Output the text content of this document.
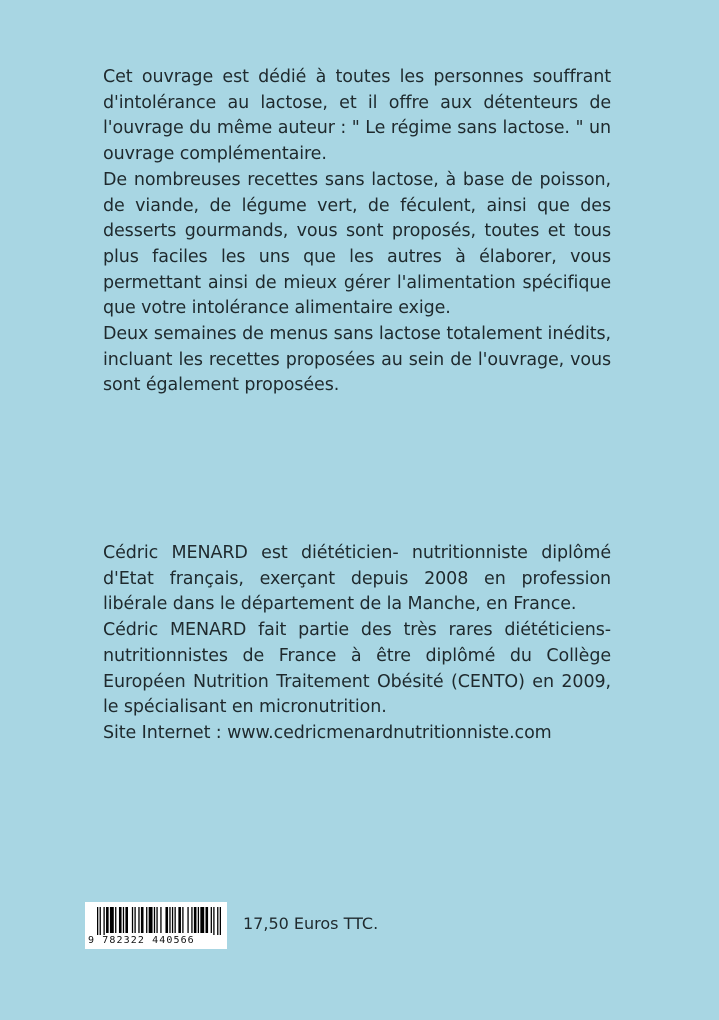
Cet ouvrage est dédié à toutes les personnes souffrant d'intolérance au lactose, et il offre aux détenteurs de l'ouvrage du même auteur : " Le régime sans lactose. " un ouvrage complémentaire.

De nombreuses recettes sans lactose, à base de poisson, de viande, de légume vert, de féculent, ainsi que des desserts gourmands, vous sont proposés, toutes et tous plus faciles les uns que les autres à élaborer, vous permettant ainsi de mieux gérer l'alimentation spécifique que votre intolérance alimentaire exige.

Deux semaines de menus sans lactose totalement inédits, incluant les recettes proposées au sein de l'ouvrage, vous sont également proposées.

Cédric MENARD est diététicien- nutritionniste diplômé d'Etat français, exerçant depuis 2008 en profession libérale dans le département de la Manche, en France.

Cédric MENARD fait partie des très rares diététiciens-nutritionnistes de France à être diplômé du Collège Européen Nutrition Traitement Obésité (CENTO) en 2009, le spécialisant en micronutrition.

Site Internet : www.cedricmenardnutritionniste.com

9 782322 440566
17,50 Euros TTC.
